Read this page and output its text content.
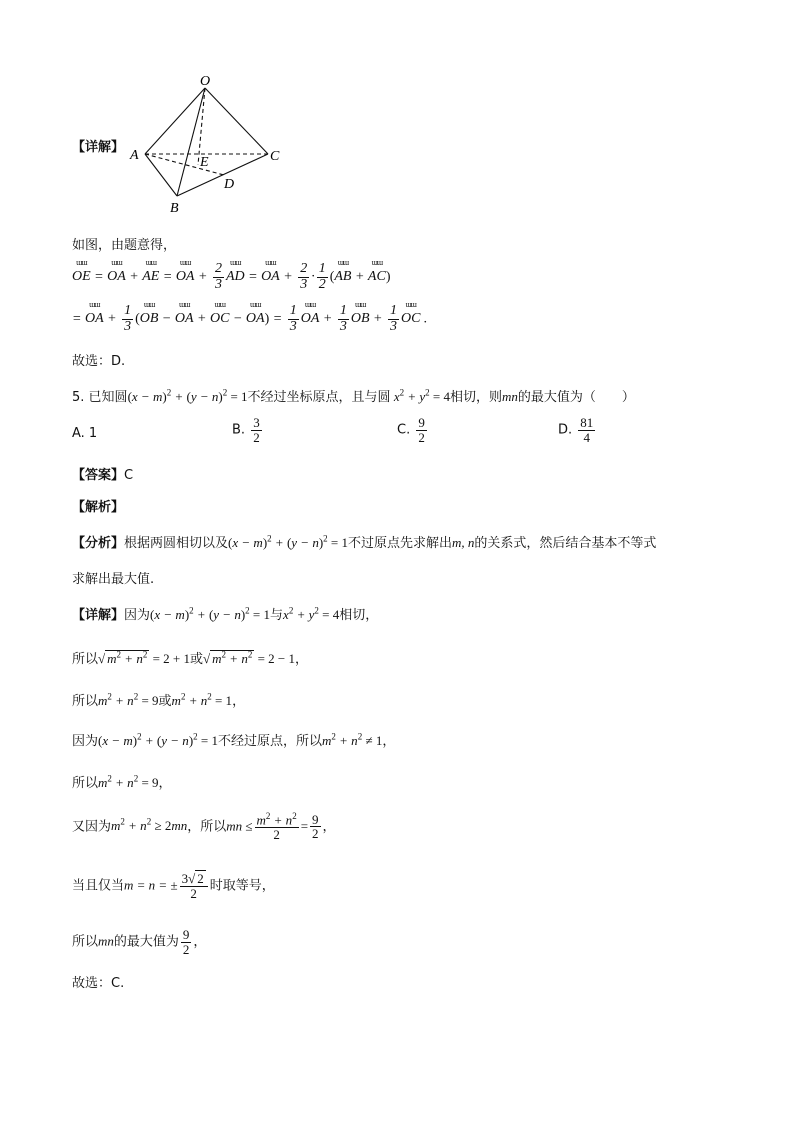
O
A
B
C
D
E
【详解】
如图，由题意得，
ɯɯ OE = ɯɯ OA + ɯɯ AE = ɯɯ OA + $\frac{2}{3}$ ɯɯ AD = ɯɯ OA + $\frac{2}{3} \cdot \frac{1}{2}$ (ɯɯ AB + ɯɯ AC)
= ɯɯ OA + $\frac{1}{3}$ (ɯɯ OB − ɯɯ OA + ɯɯ OC − ɯɯ $OA) = \frac{1}{3}$ ɯɯ OA + $\frac{1}{3}$ ɯɯ OB + $\frac{1}{3}$ ɯɯ OC .
故选：D.
5. 已知圆$(x - m)^2 + (y - n)^2 = 1$不经过坐标原点，且与圆 $x^2 + y^2 = 4$相切，则mn的最大值为（　　）
A. 1	B. $\frac{3}{2}$	C. $\frac{9}{2}$	D. $\frac{81}{4}$
【答案】C
【解析】
【分析】根据两圆相切以及$(x - m)^2 + (y - n)^2 = 1$不过原点先求解出m, n的关系式，然后结合基本不等式
求解出最大值.
【详解】因为$(x - m)^2 + (y - n)^2 = 1$与$x^2 + y^2 = 4$相切，
所以√ $m^2 + n^2 = 2 + 1$或√ $m^2 + n^2 = 2 - 1$，
所以$m^2 + n^2 = 9$或$m^2 + n^2 = 1$，
因为$(x - m)^2 + (y - n)^2 = 1$不经过原点，所以$m^2 + n^2 \ne 1$，
所以$m^2 + n^2 = 9$，
又因为$m^2 + n^2 \ge 2mn$，所以mn ≤ $\frac{m^2 + n^2}{2} = \frac{9}{2}$ ，
当且仅当m = n = ± $\frac{3√ 2}{2}$ 时取等号，
所以mn的最大值为 $\frac{9}{2}$ ，
故选：C.
